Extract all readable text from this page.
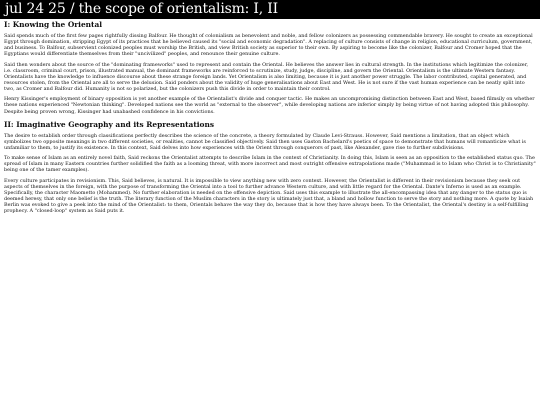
jul 24 25 / the scope of orientalism: I, II
I: Knowing the Oriental

Said spends much of the first few pages rightfully dissing Balfour. He thought of colonialism as benevolent and noble, and fellow colonizers as possessing commendable bravery. He sought to create an exceptional Egypt through domination, stripping Egypt of its practices that he believed caused its "social and economic degradation". A replacing of culture consists of change in religion, educational curriculum, government, and business. To Balfour, subservient colonized peoples must worship the British, and view British society as superior to their own. By aspiring to become like the colonizer, Balfour and Cromer hoped that the Egyptians would differentiate themselves from their "uncivilized" peoples, and renounce their genuine culture.

Said then wonders about the source of the "dominating frameworks" used to represent and contain the Oriental. He believes the answer lies in cultural strength. In the institutions which legitimize the colonizer, i.e. classroom, criminal court, prison, illustrated manual, the dominant frameworks are reinforced to scrutinize, study, judge, discipline, and govern the Oriental. Orientalism is the ultimate Western fantasy. Orientalists have the knowledge to influence discourse about these strange foreign lands. Yet Orientalism is also limiting, because it is just another power struggle. The labor contributed, capital generated, and resources stolen, from the Oriental are all to serve the delusion. Said ponders about the validity of huge generalisations about East and West. He is not sure if the vast human experience can be neatly split into two, as Cromer and Balfour did. Humanity is not so polarized, but the colonizers push this divide in order to maintain their control.

Henry Kissinger's employment of binary opposition is yet another example of the Orientalist's divide and conquer tactic. He makes an uncompromising distinction between East and West, based filmsily on whether these nations experienced "Newtonian thinking". Developed nations see the world as "external to the observer", while developing nations are inferior simply by being virtue of not having adopted this philosophy. Despite being proven wrong, Kissinger had unabashed confidence in his convictions.

II: Imaginative Geography and its Representations

The desire to establish order through classifications perfectly describes the science of the concrete, a theory formulated by Claude Levi-Strauss. However, Said mentions a limitation, that an object which symbolizes two opposite meanings in two different societies, or realities, cannot be classified objectively. Said then uses Gaston Bachelard's poetics of space to demonstrate that humans will romanticize what is unfamiliar to them, to justify its existence. In this context, Said delves into how experiences with the Orient through conquerors of past, like Alexander, gave rise to further subdivisions.

To make sense of Islam as an entirely novel faith, Said reckons the Orientalist attempts to describe Islam in the context of Christianity. In doing this, Islam is seen as an opposition to the established status quo. The spread of Islam in many Eastern countries further solidified the faith as a looming threat, with more incorrect and most outright offensive extrapolations made ("Muhammad is to Islam who Christ is to Christianity" being one of the tamer examples).

Every culture participates in revisionism. This, Said believes, is natural. It is impossible to view anything new with zero context. However, the Orientalist is different in their revisionism because they seek out aspects of themselves in the foreign, with the purpose of transforming the Oriental into a tool to further advance Western culture, and with little regard for the Oriental. Dante's Inferno is used as an example. Specifically, the character Maometto (Mohammed). No further elaboration is needed on the offensive depiction. Said uses this example to illustrate the all-encompassing idea that any danger to the status quo is deemed heresy, that only one belief is the truth. The literary function of the Muslim characters in the story is ultimately just that, a bland and hollow function to serve the story and nothing more. A quote by Isaiah Berlin was evoked to give a peek into the mind of the Orientalist: to them, Orientals behave the way they do, because that is how they have always been. To the Orientalist, the Oriental's destiny is a self-fulfilling prophecy. A "closed-loop" system as Said puts it.
